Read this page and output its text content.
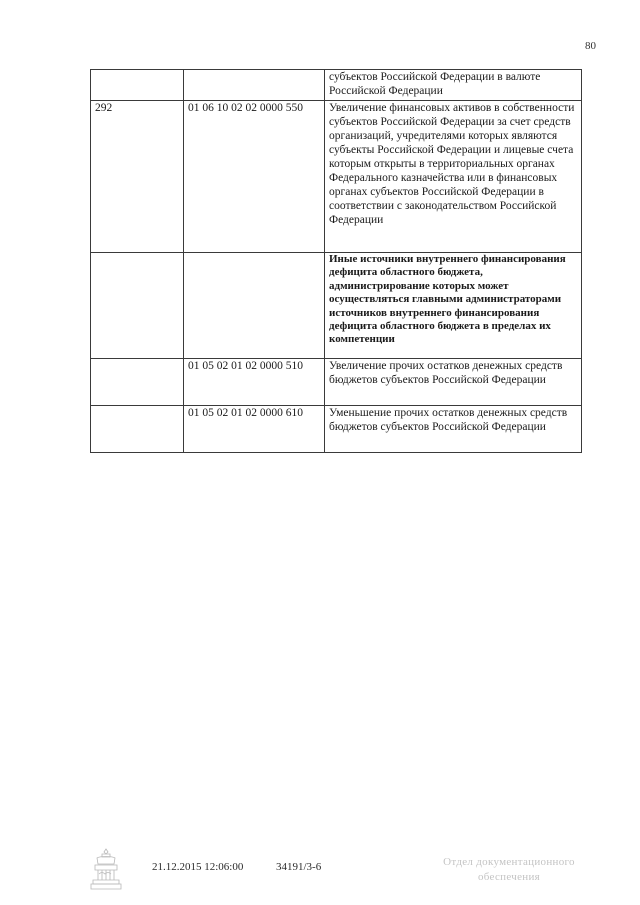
80
		субъектов Российской Федерации в валюте Российской Федерации
292	01 06 10 02 02 0000 550	Увеличение финансовых активов в собственности субъектов Российской Федерации за счет средств организаций, учредителями которых являются субъекты Российской Федерации и лицевые счета которым открыты в территориальных органах Федерального казначейства или в финансовых органах субъектов Российской Федерации в соответствии с законодательством Российской Федерации
		Иные источники внутреннего финансирования дефицита областного бюджета, администрирование которых может осуществляться главными администраторами источников внутреннего финансирования дефицита областного бюджета в пределах их компетенции
	01 05 02 01 02 0000 510	Увеличение прочих остатков денежных средств бюджетов субъектов Российской Федерации
	01 05 02 01 02 0000 610	Уменьшение прочих остатков денежных средств бюджетов субъектов Российской Федерации
21.12.2015 12:06:00	34191/3-6	Отдел документационного
обеспечения
